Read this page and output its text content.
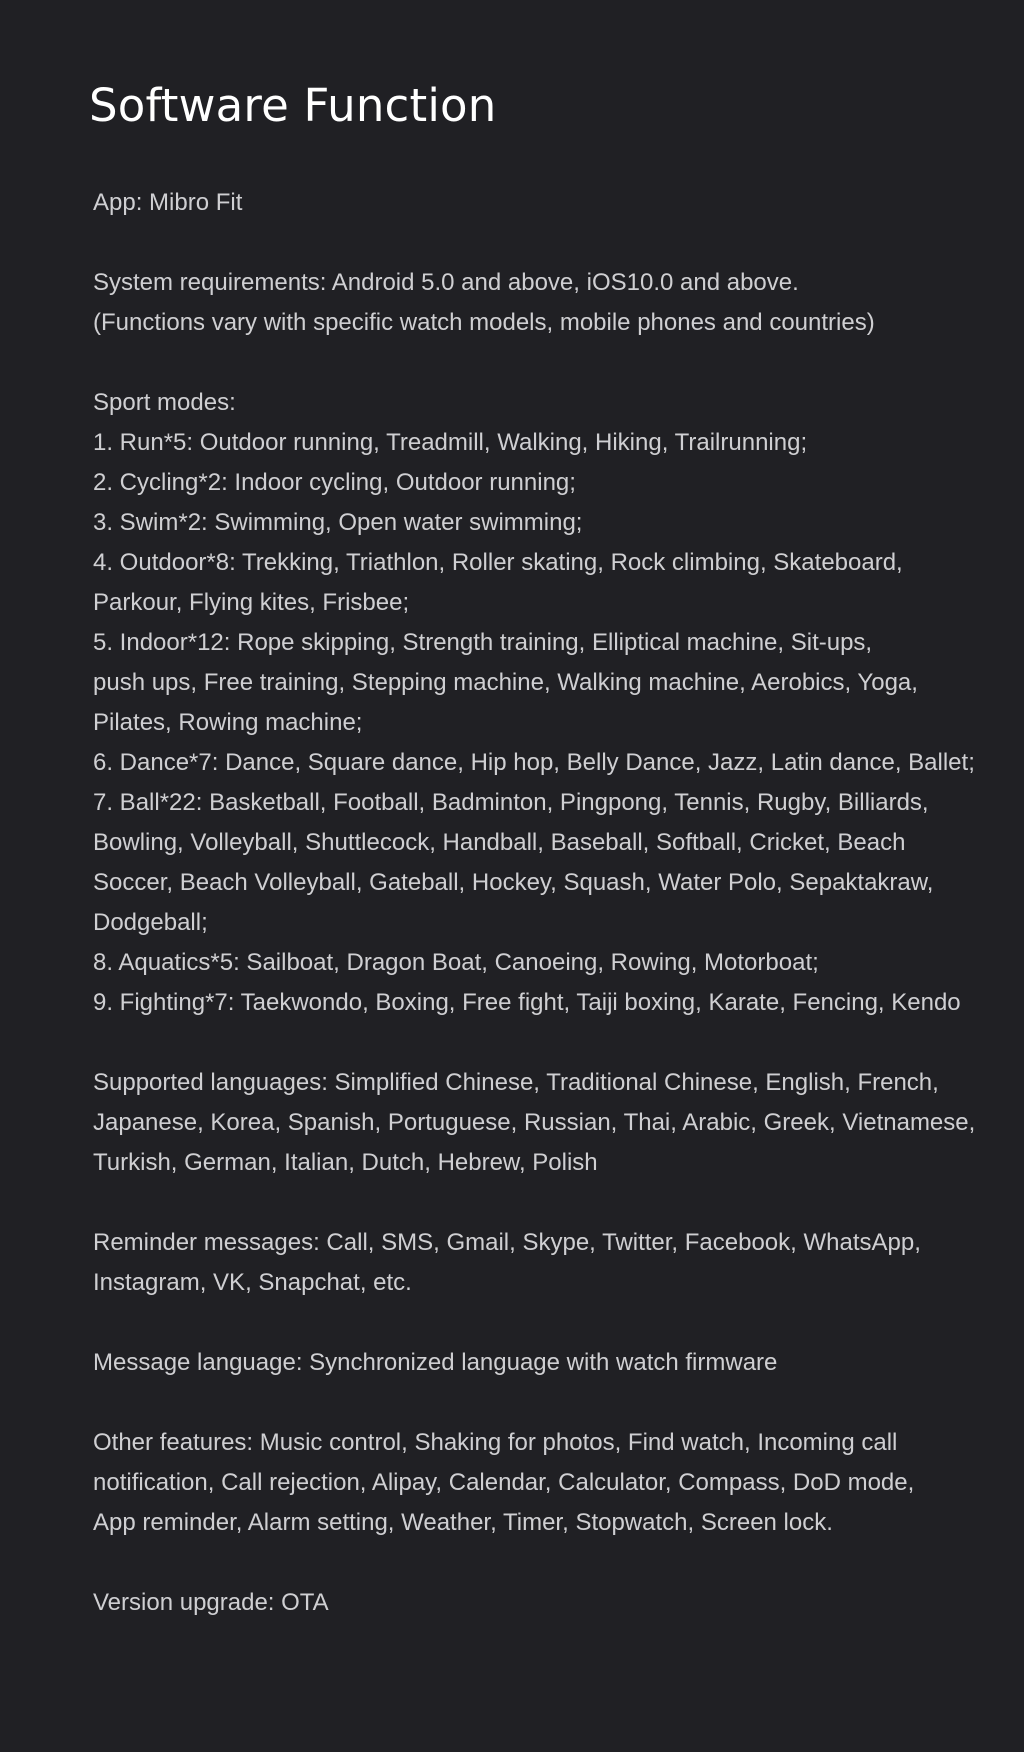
Software Function
App: Mibro Fit
System requirements: Android 5.0 and above, iOS10.0 and above.
(Functions vary with specific watch models, mobile phones and countries)
Sport modes:
1. Run*5: Outdoor running, Treadmill, Walking, Hiking, Trailrunning;
2. Cycling*2: Indoor cycling, Outdoor running;
3. Swim*2: Swimming, Open water swimming;
4. Outdoor*8: Trekking, Triathlon, Roller skating, Rock climbing, Skateboard,
Parkour, Flying kites, Frisbee;
5. Indoor*12: Rope skipping, Strength training, Elliptical machine, Sit-ups,
push ups, Free training, Stepping machine, Walking machine, Aerobics, Yoga,
Pilates, Rowing machine;
6. Dance*7: Dance, Square dance, Hip hop, Belly Dance, Jazz, Latin dance, Ballet;
7. Ball*22: Basketball, Football, Badminton, Pingpong, Tennis, Rugby, Billiards,
Bowling, Volleyball, Shuttlecock, Handball, Baseball, Softball, Cricket, Beach
Soccer, Beach Volleyball, Gateball, Hockey, Squash, Water Polo, Sepaktakraw,
Dodgeball;
8. Aquatics*5: Sailboat, Dragon Boat, Canoeing, Rowing, Motorboat;
9. Fighting*7: Taekwondo, Boxing, Free fight, Taiji boxing, Karate, Fencing, Kendo
Supported languages: Simplified Chinese, Traditional Chinese, English, French,
Japanese, Korea, Spanish, Portuguese, Russian, Thai, Arabic, Greek, Vietnamese,
Turkish, German, Italian, Dutch, Hebrew, Polish
Reminder messages: Call, SMS, Gmail, Skype, Twitter, Facebook, WhatsApp,
Instagram, VK, Snapchat, etc.
Message language: Synchronized language with watch firmware
Other features: Music control, Shaking for photos, Find watch, Incoming call
notification, Call rejection, Alipay, Calendar, Calculator, Compass, DoD mode,
App reminder, Alarm setting, Weather, Timer, Stopwatch, Screen lock.
Version upgrade: OTA
